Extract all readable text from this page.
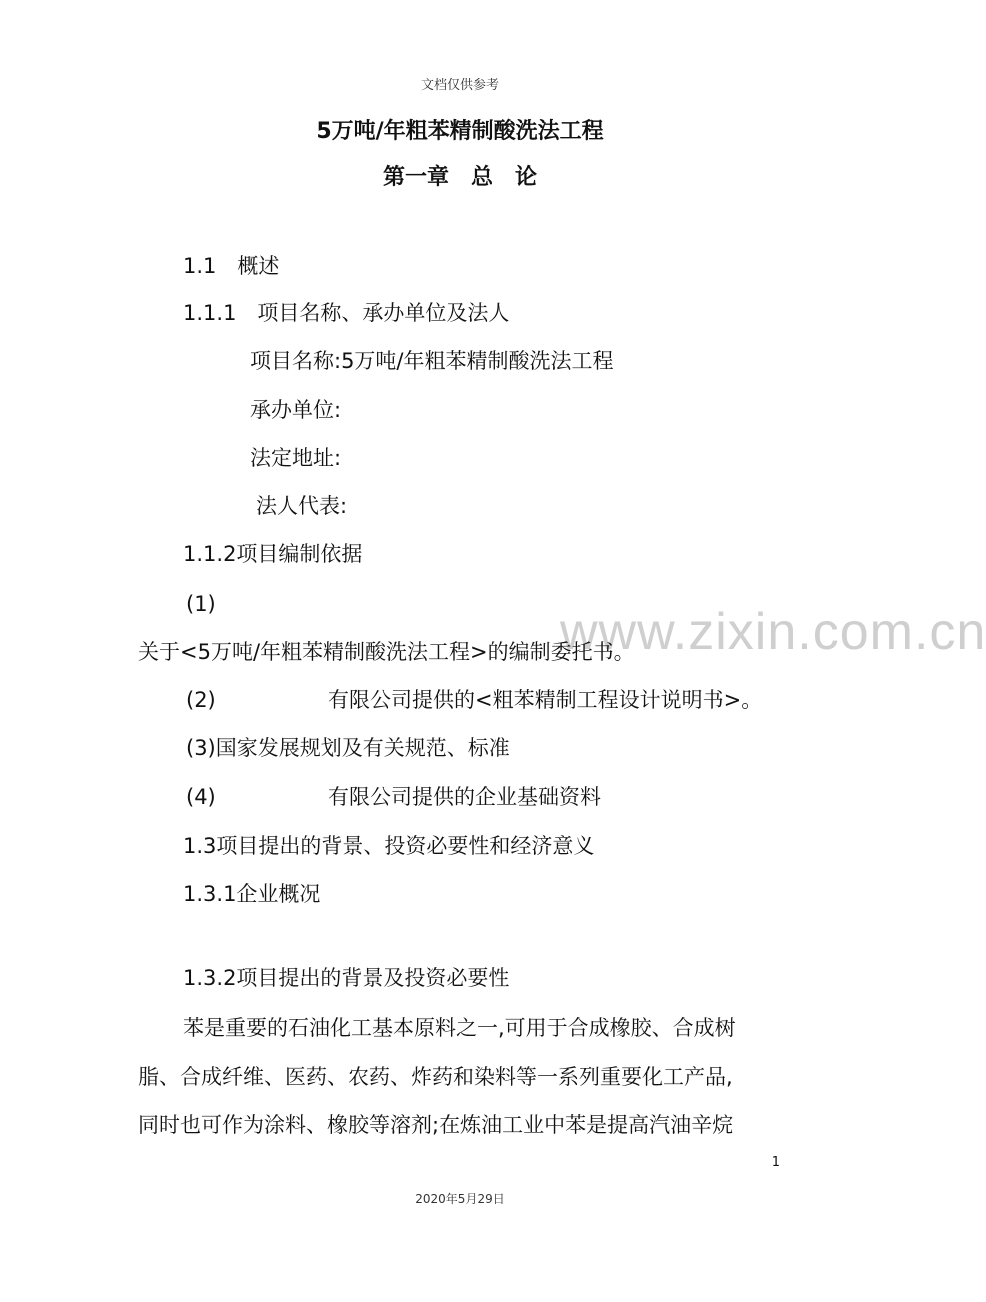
文档仅供参考
5万吨/年粗苯精制酸洗法工程
第一章　总　论
www.zixin.com.cn
1.1　概述
1.1.1　项目名称、承办单位及法人
项目名称:5万吨/年粗苯精制酸洗法工程
承办单位:
法定地址:
法人代表:
1.1.2项目编制依据
(1)
关于<5万吨/年粗苯精制酸洗法工程>的编制委托书。
(2)	有限公司提供的<粗苯精制工程设计说明书>。
(3)国家发展规划及有关规范、标准
(4)	有限公司提供的企业基础资料
1.3项目提出的背景、投资必要性和经济意义
1.3.1企业概况
1.3.2项目提出的背景及投资必要性
苯是重要的石油化工基本原料之一,可用于合成橡胶、合成树
脂、合成纤维、医药、农药、炸药和染料等一系列重要化工产品,
同时也可作为涂料、橡胶等溶剂;在炼油工业中苯是提高汽油辛烷
1
2020年5月29日
